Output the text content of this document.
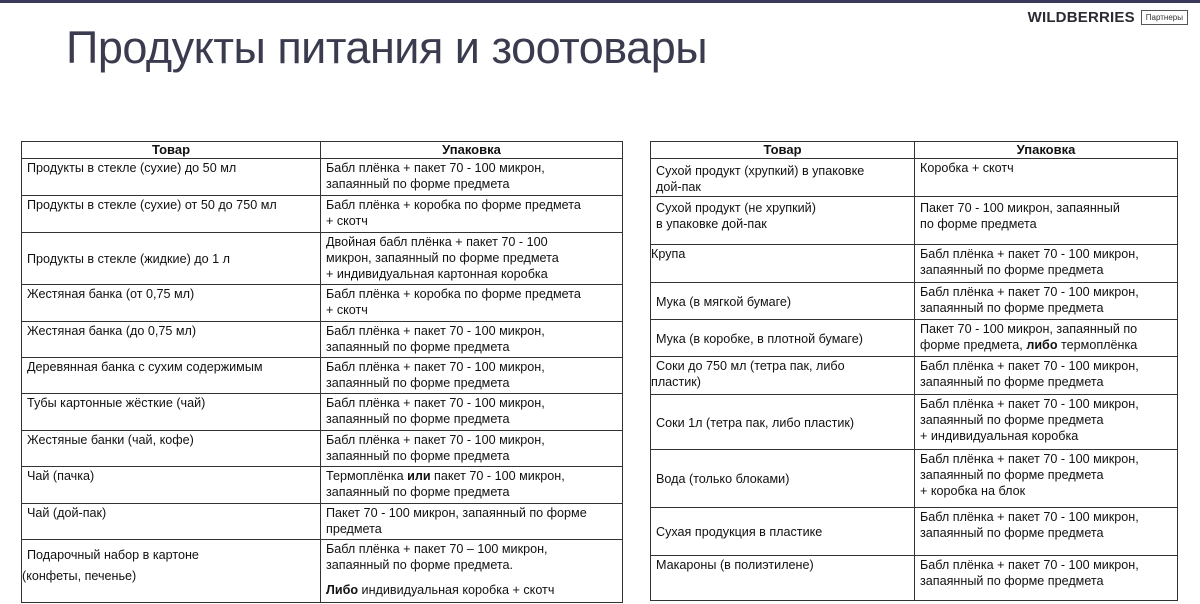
WILDBERRIES	Партнеры
Продукты питания и зоотовары
Товар	Упаковка

Продукты в стекле (сухие) до 50 мл	Бабл плёнка + пакет 70 - 100 микрон,
запаянный по форме предмета

Продукты в стекле (сухие) от 50 до 750 мл	Бабл плёнка + коробка по форме предмета
+ скотч

Продукты в стекле (жидкие) до 1 л	Двойная бабл плёнка + пакет 70 - 100
микрон, запаянный по форме предмета
+ индивидуальная картонная коробка

Жестяная банка (от 0,75 мл)	Бабл плёнка + коробка по форме предмета
+ скотч

Жестяная банка (до 0,75 мл)	Бабл плёнка + пакет 70 - 100 микрон,
запаянный по форме предмета

Деревянная банка с сухим содержимым	Бабл плёнка + пакет 70 - 100 микрон,
запаянный по форме предмета

Тубы картонные жёсткие (чай)	Бабл плёнка + пакет 70 - 100 микрон,
запаянный по форме предмета

Жестяные банки (чай, кофе)	Бабл плёнка + пакет 70 - 100 микрон,
запаянный по форме предмета

Чай (пачка)	Термоплёнка или пакет 70 - 100 микрон,
запаянный по форме предмета

Чай (дой-пак)	Пакет 70 - 100 микрон, запаянный по форме
предмета

Подарочный набор в картоне
(конфеты, печенье)	Бабл плёнка + пакет 70 – 100 микрон,
запаянный по форме предмета.
Либо индивидуальная коробка + скотч
Товар	Упаковка

Сухой продукт (хрупкий) в упаковке
дой-пак	Коробка + скотч

Сухой продукт (не хрупкий)
в упаковке дой-пак	Пакет 70 - 100 микрон, запаянный
по форме предмета

Крупа	Бабл плёнка + пакет 70 - 100 микрон,
запаянный по форме предмета

Мука (в мягкой бумаге)	Бабл плёнка + пакет 70 - 100 микрон,
запаянный по форме предмета

Мука (в коробке, в плотной бумаге)	Пакет 70 - 100 микрон, запаянный по
форме предмета, либо термоплёнка

Соки до 750 мл (тетра пак, либо
пластик)	Бабл плёнка + пакет 70 - 100 микрон,
запаянный по форме предмета

Соки 1л (тетра пак, либо пластик)	Бабл плёнка + пакет 70 - 100 микрон,
запаянный по форме предмета
+ индивидуальная коробка

Вода (только блоками)	Бабл плёнка + пакет 70 - 100 микрон,
запаянный по форме предмета
+ коробка на блок

Сухая продукция в пластике	Бабл плёнка + пакет 70 - 100 микрон,
запаянный по форме предмета

Макароны (в полиэтилене)	Бабл плёнка + пакет 70 - 100 микрон,
запаянный по форме предмета
